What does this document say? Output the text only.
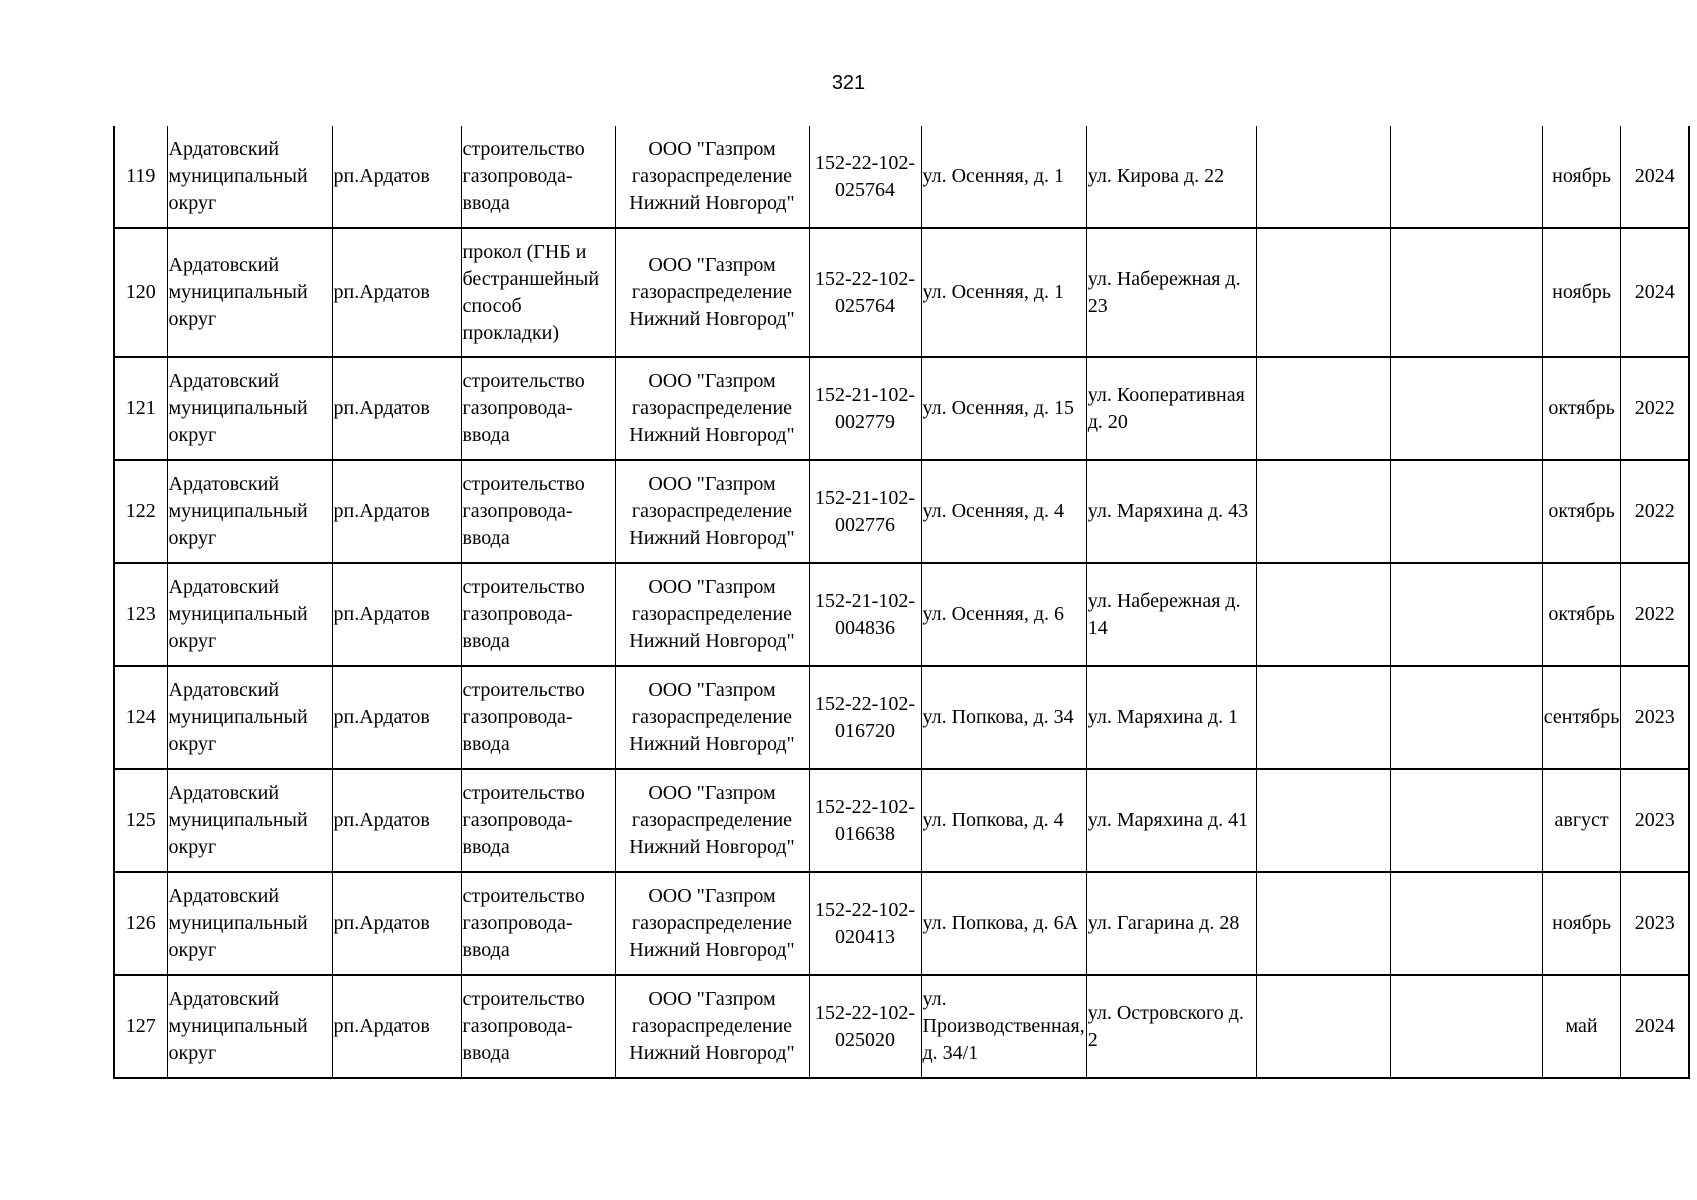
321
119	Ардатовский муниципальный округ	рп.Ардатов	строительство газопровода-ввода	ООО "Газпром газораспределение Нижний Новгород"	152-22-102-025764	ул. Осенняя, д. 1	ул. Кирова д. 22			ноябрь	2024
120	Ардатовский муниципальный округ	рп.Ардатов	прокол (ГНБ и бестраншейный способ прокладки)	ООО "Газпром газораспределение Нижний Новгород"	152-22-102-025764	ул. Осенняя, д. 1	ул. Набережная д. 23			ноябрь	2024
121	Ардатовский муниципальный округ	рп.Ардатов	строительство газопровода-ввода	ООО "Газпром газораспределение Нижний Новгород"	152-21-102-002779	ул. Осенняя, д. 15	ул. Кооперативная д. 20			октябрь	2022
122	Ардатовский муниципальный округ	рп.Ардатов	строительство газопровода-ввода	ООО "Газпром газораспределение Нижний Новгород"	152-21-102-002776	ул. Осенняя, д. 4	ул. Маряхина д. 43			октябрь	2022
123	Ардатовский муниципальный округ	рп.Ардатов	строительство газопровода-ввода	ООО "Газпром газораспределение Нижний Новгород"	152-21-102-004836	ул. Осенняя, д. 6	ул. Набережная д. 14			октябрь	2022
124	Ардатовский муниципальный округ	рп.Ардатов	строительство газопровода-ввода	ООО "Газпром газораспределение Нижний Новгород"	152-22-102-016720	ул. Попкова, д. 34	ул. Маряхина д. 1			сентябрь	2023
125	Ардатовский муниципальный округ	рп.Ардатов	строительство газопровода-ввода	ООО "Газпром газораспределение Нижний Новгород"	152-22-102-016638	ул. Попкова, д. 4	ул. Маряхина д. 41			август	2023
126	Ардатовский муниципальный округ	рп.Ардатов	строительство газопровода-ввода	ООО "Газпром газораспределение Нижний Новгород"	152-22-102-020413	ул. Попкова, д. 6А	ул. Гагарина д. 28			ноябрь	2023
127	Ардатовский муниципальный округ	рп.Ардатов	строительство газопровода-ввода	ООО "Газпром газораспределение Нижний Новгород"	152-22-102-025020	ул. Производственная, д. 34/1	ул. Островского д. 2			май	2024
